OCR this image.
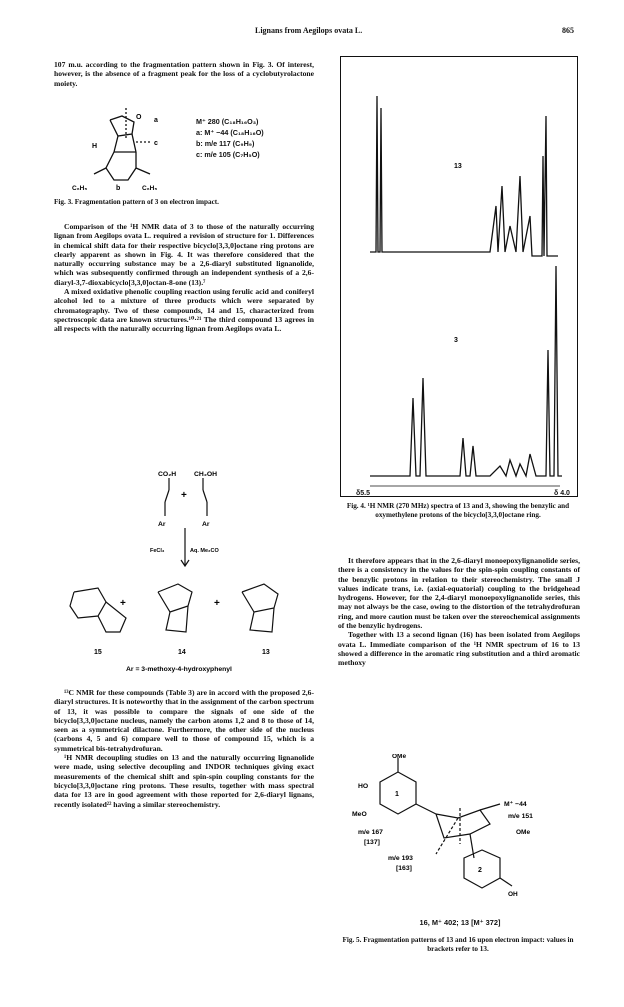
Lignans from Aegilops ovata L.	865

107 m.u. according to the fragmentation pattern shown in Fig. 3. Of interest, however, is the absence of a fragment peak for the loss of a cyclobutyrolactone moiety.

O a
c
H
C₆H₅	b	C₆H₅
M⁺ 280 (C₁₈H₁₆O₃)
a: M⁺ −44 (C₁₈H₁₆O)
b: m/e 117 (C₉H₉)
c: m/e 105 (C₇H₅O)
Fig. 3. Fragmentation pattern of 3 on electron impact.

Comparison of the ¹H NMR data of 3 to those of the naturally occurring lignan from Aegilops ovata L. required a revision of structure for 1. Differences in chemical shift data for their respective bicyclo[3,3,0]octane ring protons are clearly apparent as shown in Fig. 4. It was therefore considered that the naturally occurring substance may be a 2,6-diaryl substituted lignanolide, which was subsequently confirmed through an independent synthesis of a 2,6-diaryl-3,7-dioxabicyclo[3,3,0]octan-8-one (13).⁷

A mixed oxidative phenolic coupling reaction using ferulic acid and coniferyl alcohol led to a mixture of three products which were separated by chromatography. Two of these compounds, 14 and 15, characterized from spectroscopic data are known structures.¹⁰·²¹ The third compound 13 agrees in all respects with the naturally occurring lignan from Aegilops ovata L.

CO₂H	CH₂OH
+
Ar	Ar
FeCl₃	Aq. Me₂CO
+	+
15	14	13
Ar = 3-methoxy-4-hydroxyphenyl

¹³C NMR for these compounds (Table 3) are in accord with the proposed 2,6-diaryl structures. It is noteworthy that in the assignment of the carbon spectrum of 13, it was possible to compare the signals of one side of the bicyclo[3,3,0]octane nucleus, namely the carbon atoms 1,2 and 8 to those of 14, seen as a symmetrical dilactone. Furthermore, the other side of the nucleus (carbons 4, 5 and 6) compare well to those of compound 15, which is a symmetrical bis-tetrahydrofuran.

¹H NMR decoupling studies on 13 and the naturally occurring lignanolide were made, using selective decoupling and INDOR techniques giving exact measurements of the chemical shift and spin-spin coupling constants for the bicyclo[3,3,0]octane ring protons. These results, together with mass spectral data for 13 are in good agreement with those reported for 2,6-diaryl lignans, recently isolated²² having a similar stereochemistry.

13
3
δ5.5	δ 4.0
Fig. 4. ¹H NMR (270 MHz) spectra of 13 and 3, showing the benzylic and oxymethylene protons of the bicyclo[3,3,0]octane ring.

It therefore appears that in the 2,6-diaryl monoepoxylignanolide series, there is a consistency in the values for the spin-spin coupling constants of the benzylic protons in relation to their stereochemistry. The small J values indicate trans, i.e. (axial-equatorial) coupling to the bridgehead hydrogens. However, for the 2,4-diaryl monoepoxylignanolide series, this may not always be the case, owing to the distortion of the tetrahydrofuran ring, and more caution must be taken over the stereochemical assignments of the benzylic hydrogens.

Together with 13 a second lignan (16) has been isolated from Aegilops ovata L. Immediate comparison of the ¹H NMR spectrum of 16 to 13 showed a difference in the aromatic ring substitution and a third aromatic methoxy

OMe
HO
MeO
1
2
m/e 167
[137]
m/e 193
[163]
M⁺ −44
m/e 151
OMe
OH
16, M⁺ 402; 13 [M⁺ 372]
Fig. 5. Fragmentation patterns of 13 and 16 upon electron impact: values in brackets refer to 13.
